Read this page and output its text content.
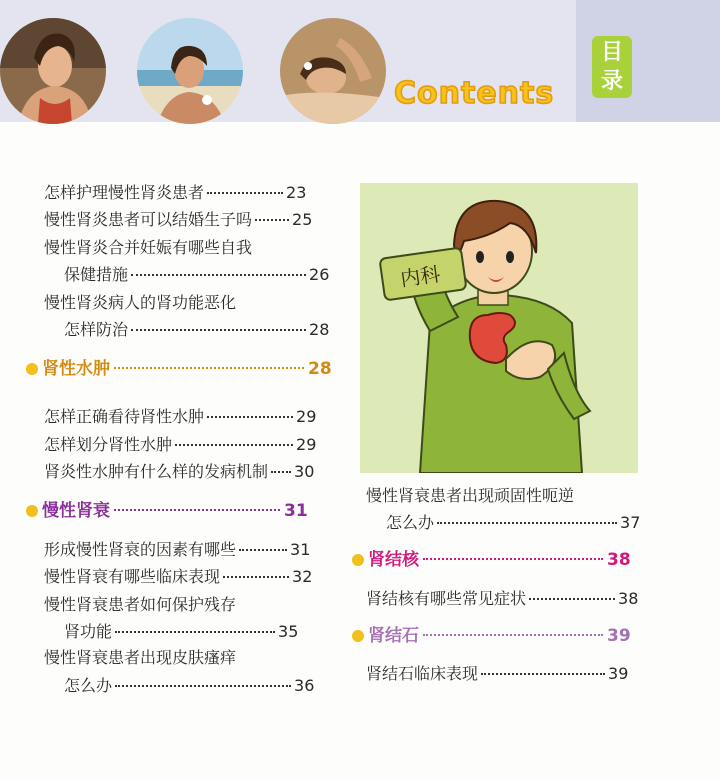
Contents
目
录
怎样护理慢性肾炎患者	23
慢性肾炎患者可以结婚生子吗	25
慢性肾炎合并妊娠有哪些自我
保健措施	26
慢性肾炎病人的肾功能恶化
怎样防治	28
肾性水肿	28
怎样正确看待肾性水肿	29
怎样划分肾性水肿	29
肾炎性水肿有什么样的发病机制 30
慢性肾衰	31
形成慢性肾衰的因素有哪些	31
慢性肾衰有哪些临床表现	32
慢性肾衰患者如何保护残存
肾功能	35
慢性肾衰患者出现皮肤瘙痒
怎么办	36
内科
慢性肾衰患者出现顽固性呃逆
怎么办	37
肾结核	38
肾结核有哪些常见症状	38
肾结石	39
肾结石临床表现	39
